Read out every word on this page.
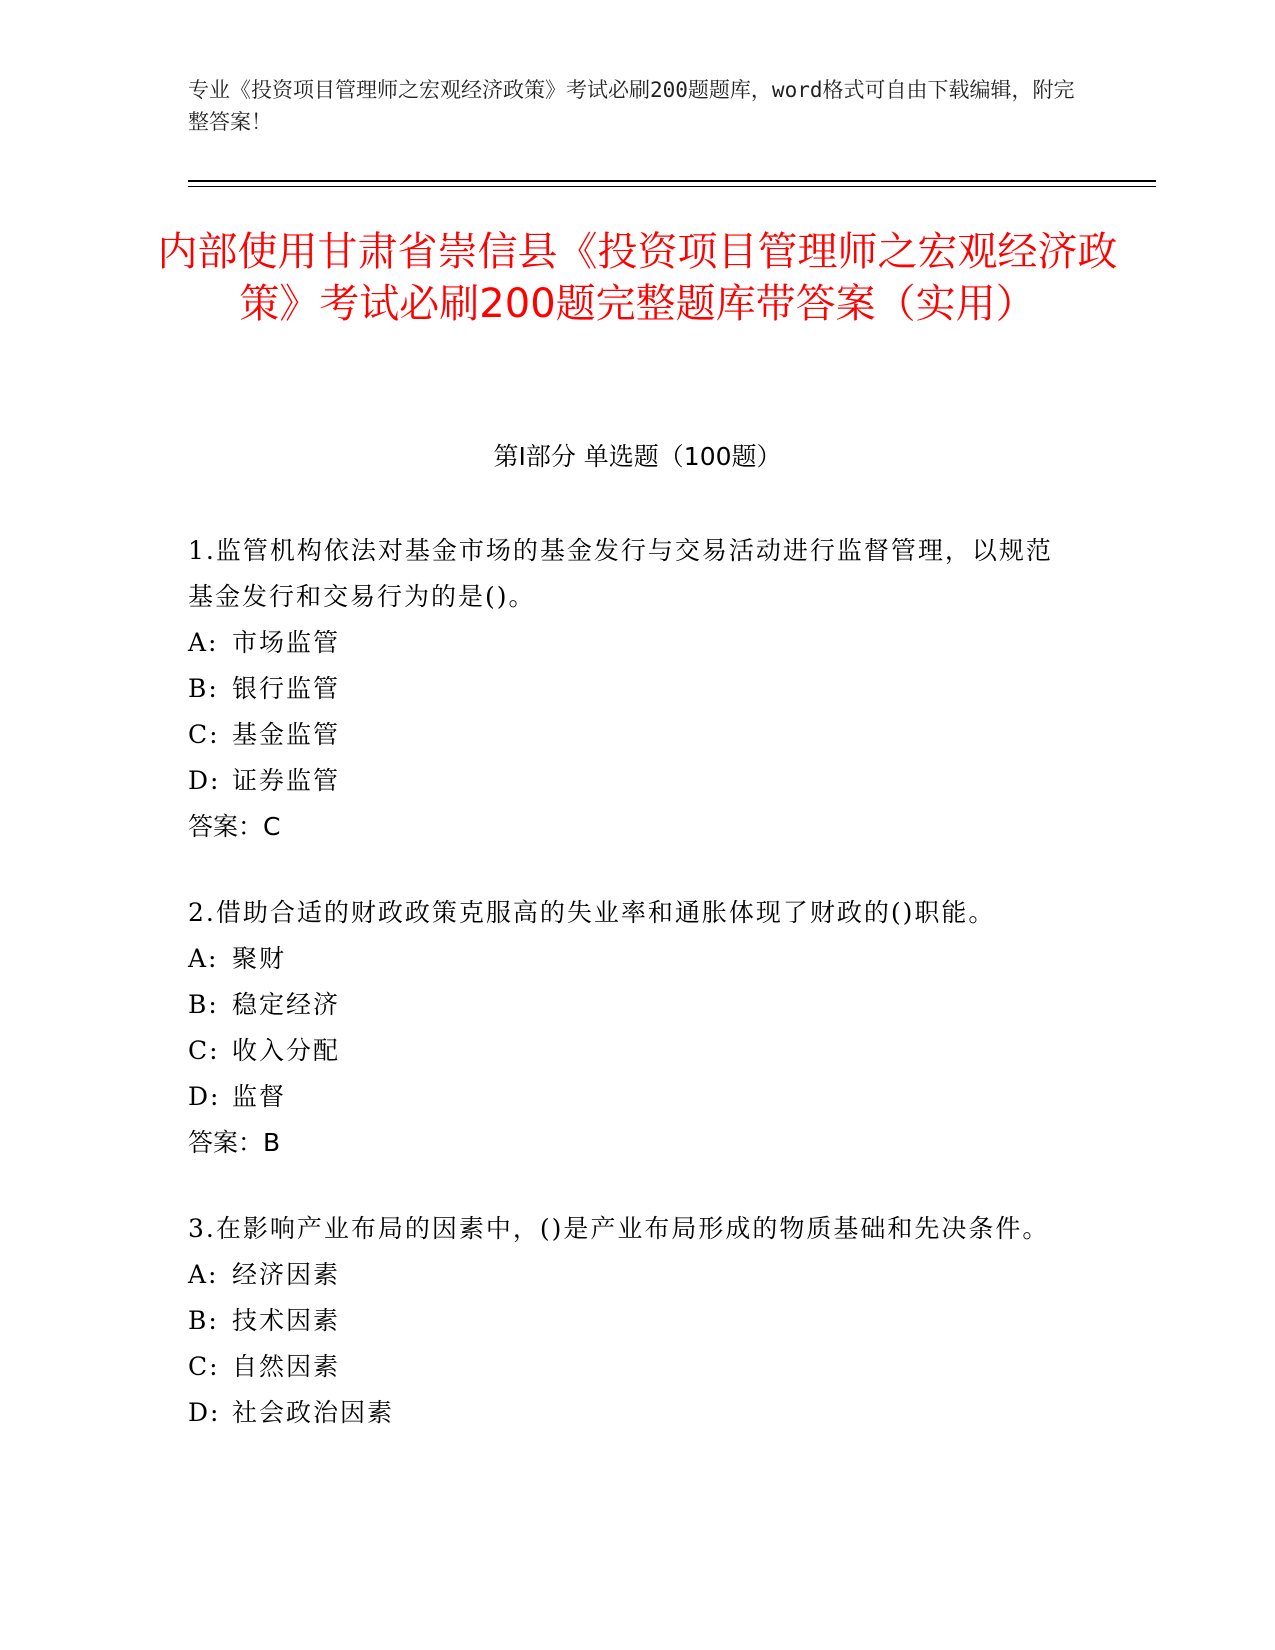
专业《投资项目管理师之宏观经济政策》考试必刷200题题库，word格式可自由下载编辑，附完整答案！
内部使用甘肃省崇信县《投资项目管理师之宏观经济政策》考试必刷200题完整题库带答案（实用）
第Ⅰ部分 单选题（100题）

1.监管机构依法对基金市场的基金发行与交易活动进行监督管理，以规范基金发行和交易行为的是()。

A: 市场监管
B: 银行监管
C: 基金监管
D: 证券监管
答案：C

2.借助合适的财政政策克服高的失业率和通胀体现了财政的()职能。

A: 聚财
B: 稳定经济
C: 收入分配
D: 监督
答案：B

3.在影响产业布局的因素中，()是产业布局形成的物质基础和先决条件。

A: 经济因素
B: 技术因素
C: 自然因素
D: 社会政治因素
